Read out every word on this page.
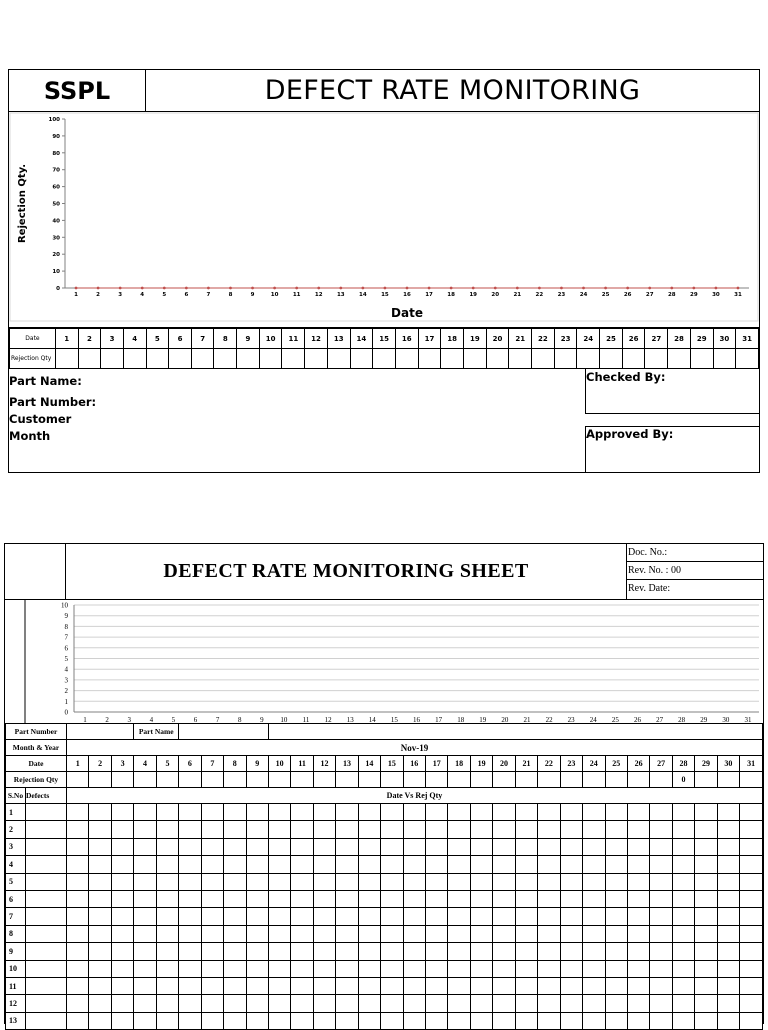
SSPL	DEFECT RATE MONITORING
0
10
20
30
40
50
60
70
80
90
100
1	2	3	4	5	6	7	8	9	10	11	12	13	14	15	16	17	18	19	20	21	22	23	24	25	26	27	28	29	30	31
Date
Rejection Qty.
Date	1	2	3	4	5	6	7	8	9	10	11	12	13	14	15	16	17	18	19	20	21	22	23	24	25	26	27	28	29	30	31
Rejection Qty																															
Part Name:
Part Number:
Customer
Month
Checked By:
Approved By:
DEFECT RATE MONITORING SHEET
Doc. No.:
Rev. No. : 00
Rev. Date:
0
1
2
3
4
5
6
7
8
9
10
1	2	3	4	5	6	7	8	9 10 11 12 13 14 15 16 17 18 19 20 21 22 23 24 25 26 27 28 29 30 31
Part Number					Part Name																											
Month & Year		Nov-19																														
Date		1	2	3	4	5	6	7	8	9	10	11	12	13	14	15	16	17	18	19	20	21	22	23	24	25	26	27	28	29	30	31
Rejection Qty																													0			
S.No	Defects	Date Vs Rej Qty																														
1																																
2																																
3																																
4																																
5																																
6																																
7																																
8																																
9																																
10																																
11																																
12																																
13																																
